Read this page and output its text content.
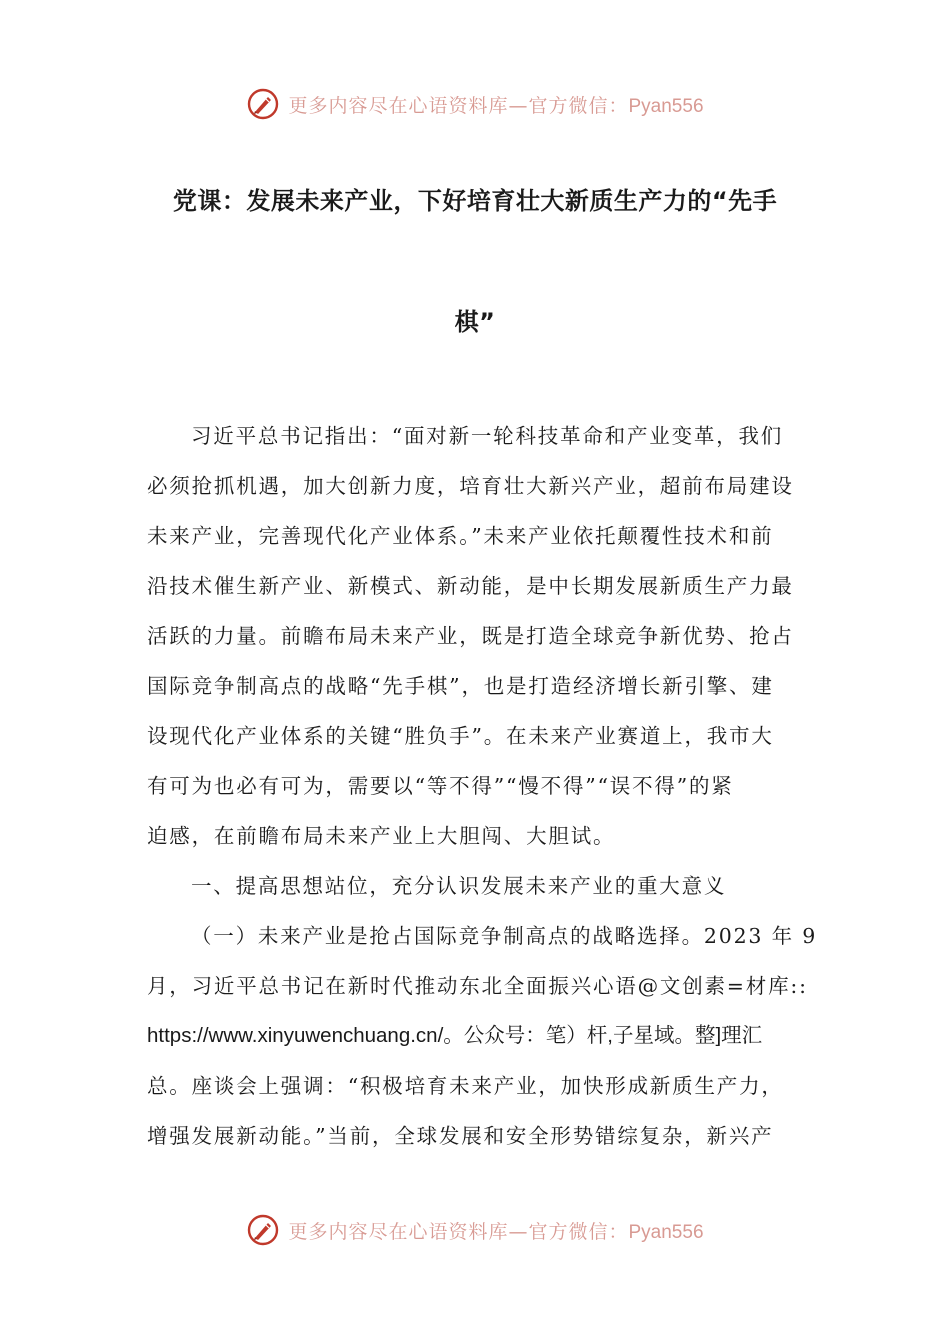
更多内容尽在心语资料库—官方微信：Pyan556
党课：发展未来产业，下好培育壮大新质生产力的“先手
棋”
习近平总书记指出：“面对新一轮科技革命和产业变革，我们
必须抢抓机遇，加大创新力度，培育壮大新兴产业，超前布局建设
未来产业，完善现代化产业体系。”未来产业依托颠覆性技术和前
沿技术催生新产业、新模式、新动能，是中长期发展新质生产力最
活跃的力量。前瞻布局未来产业，既是打造全球竞争新优势、抢占
国际竞争制高点的战略“先手棋”，也是打造经济增长新引擎、建
设现代化产业体系的关键“胜负手”。在未来产业赛道上，我市大
有可为也必有可为，需要以“等不得”“慢不得”“误不得”的紧
迫感，在前瞻布局未来产业上大胆闯、大胆试。
一、提高思想站位，充分认识发展未来产业的重大意义
（一）未来产业是抢占国际竞争制高点的战略选择。2023 年 9
月，习近平总书记在新时代推动东北全面振兴心语@文创素=材库::
https://www.xinyuwenchuang.cn/。公众号：笔）杆,子星域。整]理汇
总。座谈会上强调：“积极培育未来产业，加快形成新质生产力，
增强发展新动能。”当前，全球发展和安全形势错综复杂，新兴产
更多内容尽在心语资料库—官方微信：Pyan556
